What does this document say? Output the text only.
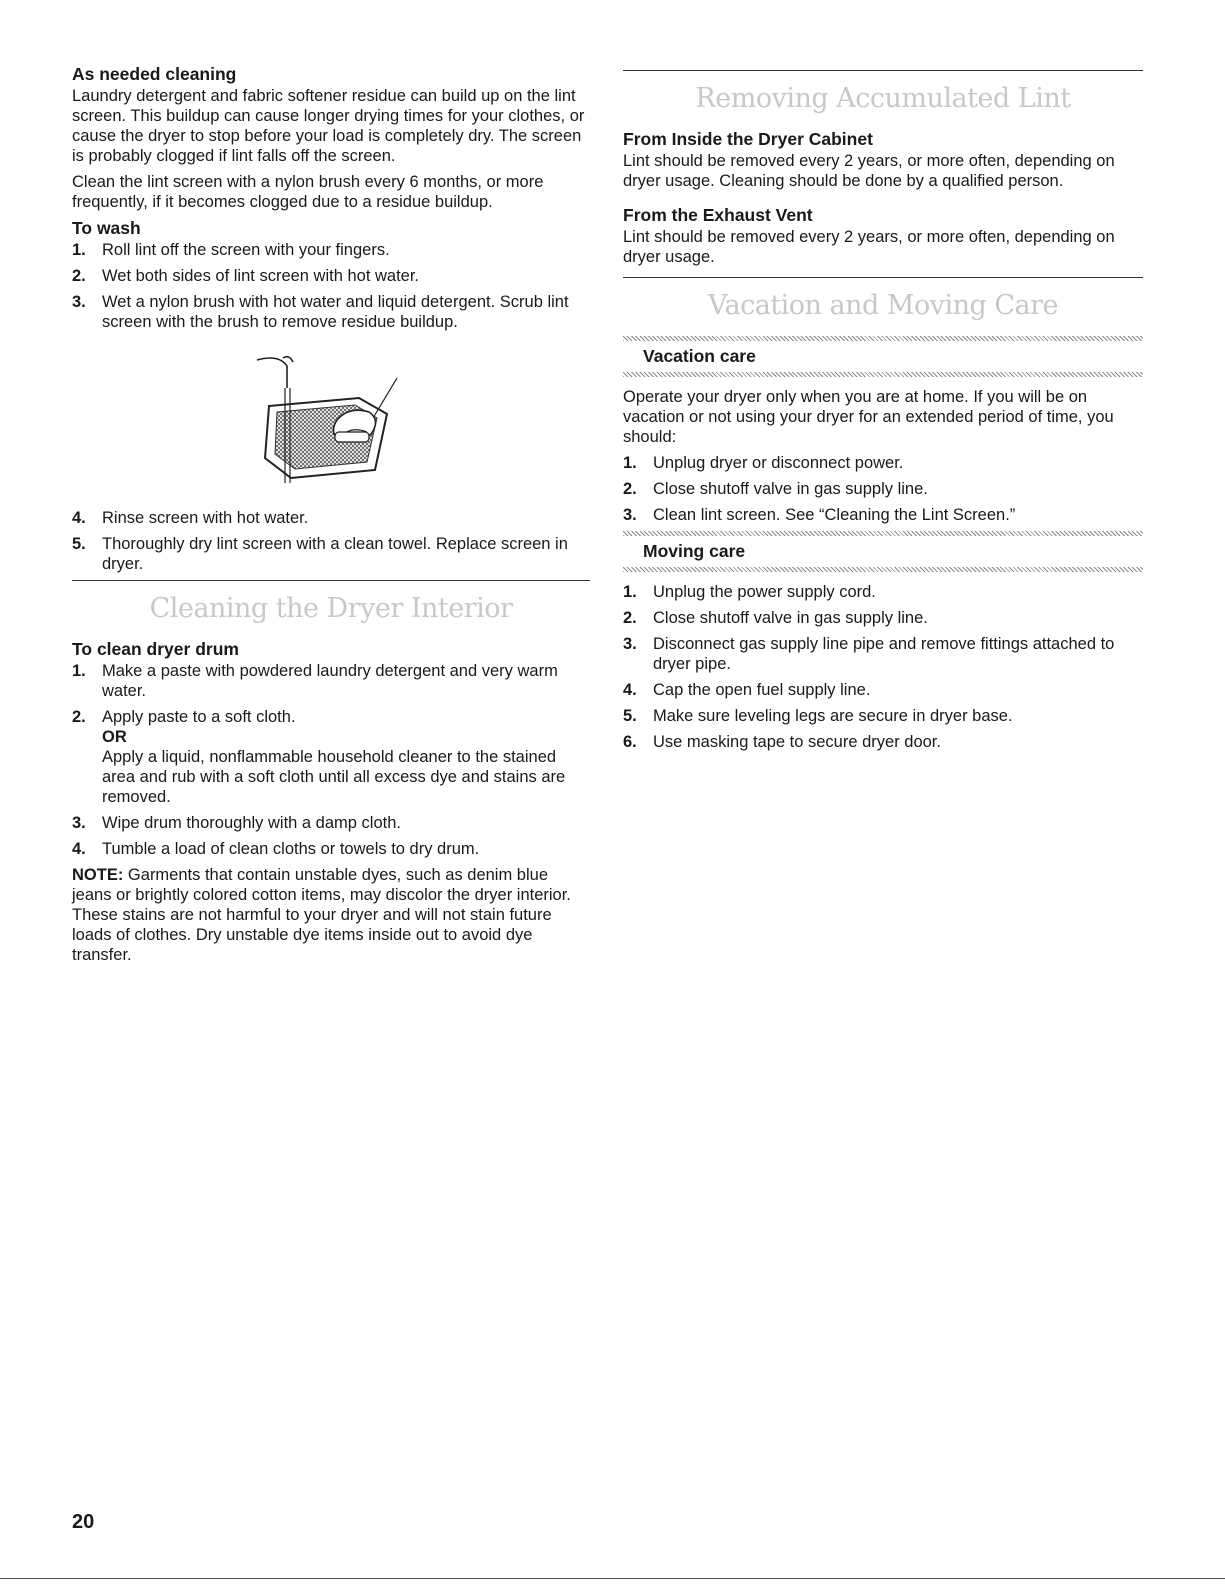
As needed cleaning

Laundry detergent and fabric softener residue can build up on the lint screen. This buildup can cause longer drying times for your clothes, or cause the dryer to stop before your load is completely dry. The screen is probably clogged if lint falls off the screen.

Clean the lint screen with a nylon brush every 6 months, or more frequently, if it becomes clogged due to a residue buildup.

To wash
1. Roll lint off the screen with your fingers.
2. Wet both sides of lint screen with hot water.
3. Wet a nylon brush with hot water and liquid detergent. Scrub lint screen with the brush to remove residue buildup.
4. Rinse screen with hot water.
5. Thoroughly dry lint screen with a clean towel. Replace screen in dryer.
Cleaning the Dryer Interior
To clean dryer drum
1. Make a paste with powdered laundry detergent and very warm water.
2. Apply paste to a soft cloth.
OR
Apply a liquid, nonflammable household cleaner to the stained area and rub with a soft cloth until all excess dye and stains are removed.
3. Wipe drum thoroughly with a damp cloth.
4. Tumble a load of clean cloths or towels to dry drum.

NOTE: Garments that contain unstable dyes, such as denim blue jeans or brightly colored cotton items, may discolor the dryer interior. These stains are not harmful to your dryer and will not stain future loads of clothes. Dry unstable dye items inside out to avoid dye transfer.

Removing Accumulated Lint
From Inside the Dryer Cabinet

Lint should be removed every 2 years, or more often, depending on dryer usage. Cleaning should be done by a qualified person.

From the Exhaust Vent

Lint should be removed every 2 years, or more often, depending on dryer usage.

Vacation and Moving Care
Vacation care

Operate your dryer only when you are at home. If you will be on vacation or not using your dryer for an extended period of time, you should:

1. Unplug dryer or disconnect power.
2. Close shutoff valve in gas supply line.
3. Clean lint screen. See “Cleaning the Lint Screen.”
Moving care
1. Unplug the power supply cord.
2. Close shutoff valve in gas supply line.
3. Disconnect gas supply line pipe and remove fittings attached to dryer pipe.
4. Cap the open fuel supply line.
5. Make sure leveling legs are secure in dryer base.
6. Use masking tape to secure dryer door.
20
